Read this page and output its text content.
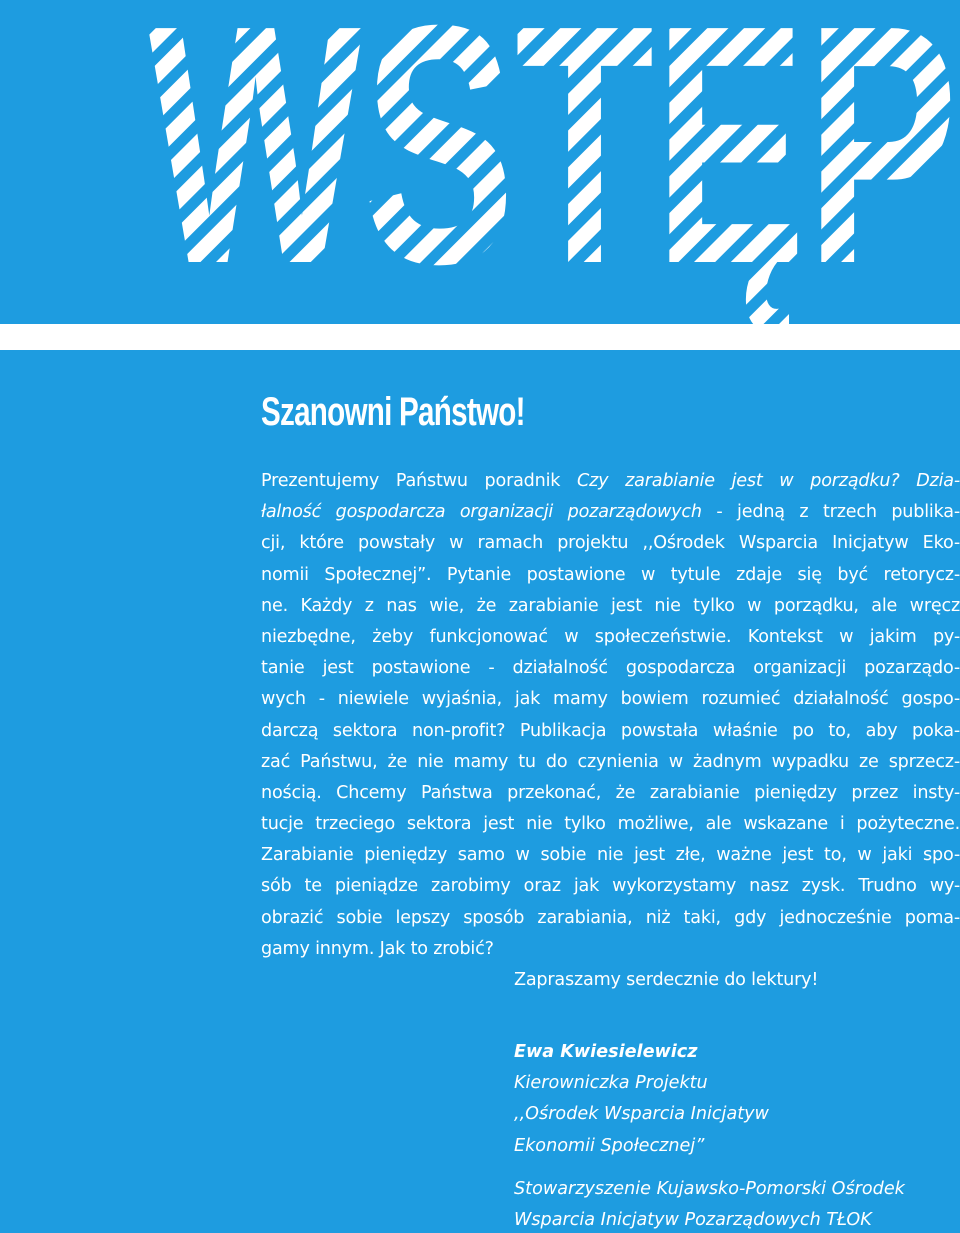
Szanowni Państwo!
Prezentujemy Państwu poradnik Czy zarabianie jest w porządku? Dzia-
łalność gospodarcza organizacji pozarządowych - jedną z trzech publika-
cji, które powstały w ramach projektu ,,Ośrodek Wsparcia Inicjatyw Eko-
nomii Społecznej”. Pytanie postawione w tytule zdaje się być retorycz-
ne. Każdy z nas wie, że zarabianie jest nie tylko w porządku, ale wręcz
niezbędne, żeby funkcjonować w społeczeństwie. Kontekst w jakim py-
tanie jest postawione - działalność gospodarcza organizacji pozarządo-
wych - niewiele wyjaśnia, jak mamy bowiem rozumieć działalność gospo-
darczą sektora non-profit? Publikacja powstała właśnie po to, aby poka-
zać Państwu, że nie mamy tu do czynienia w żadnym wypadku ze sprzecz-
nością. Chcemy Państwa przekonać, że zarabianie pieniędzy przez insty-
tucje trzeciego sektora jest nie tylko możliwe, ale wskazane i pożyteczne.
Zarabianie pieniędzy samo w sobie nie jest złe, ważne jest to, w jaki spo-
sób te pieniądze zarobimy oraz jak wykorzystamy nasz zysk. Trudno wy-
obrazić sobie lepszy sposób zarabiania, niż taki, gdy jednocześnie poma-
gamy innym. Jak to zrobić?
Zapraszamy serdecznie do lektury!
Ewa Kwiesielewicz
Kierowniczka Projektu
,,Ośrodek Wsparcia Inicjatyw
Ekonomii Społecznej”
Stowarzyszenie Kujawsko-Pomorski Ośrodek
Wsparcia Inicjatyw Pozarządowych TŁOK
